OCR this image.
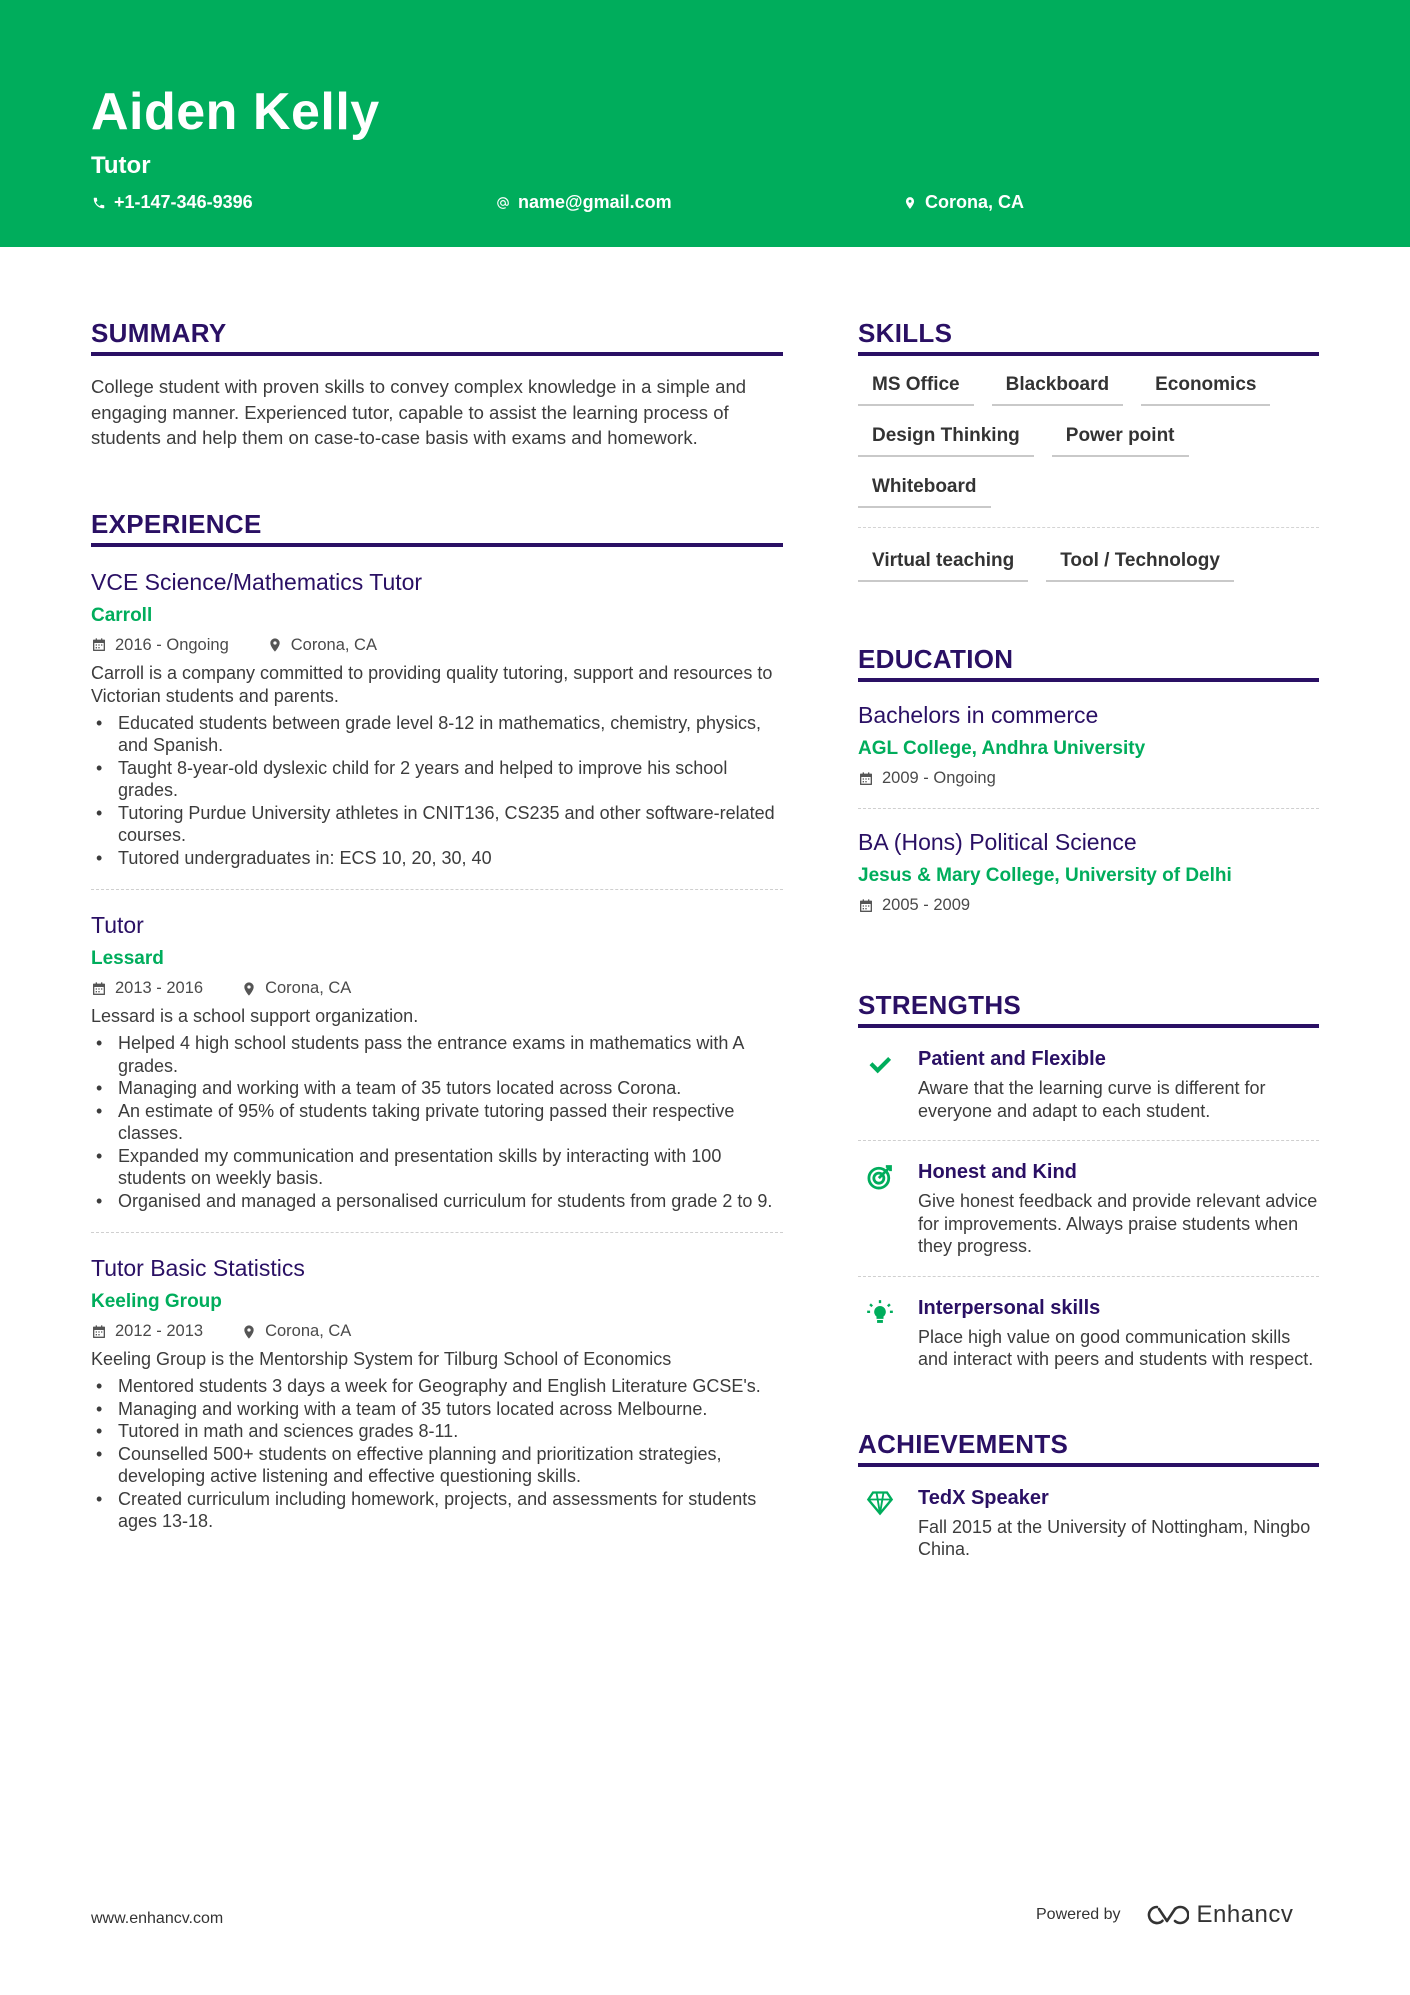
Aiden Kelly
Tutor
+1-147-346-9396	name@gmail.com	Corona, CA
SUMMARY
College student with proven skills to convey complex knowledge in a simple and engaging manner. Experienced tutor, capable to assist the learning process of students and help them on case-to-case basis with exams and homework.
EXPERIENCE
VCE Science/Mathematics Tutor
Carroll
2016 - Ongoing	Corona, CA
Carroll is a company committed to providing quality tutoring, support and resources to Victorian students and parents.
• Educated students between grade level 8-12 in mathematics, chemistry, physics, and Spanish.
• Taught 8-year-old dyslexic child for 2 years and helped to improve his school grades.
• Tutoring Purdue University athletes in CNIT136, CS235 and other software-related courses.
• Tutored undergraduates in: ECS 10, 20, 30, 40
Tutor
Lessard
2013 - 2016	Corona, CA
Lessard is a school support organization.
• Helped 4 high school students pass the entrance exams in mathematics with A grades.
• Managing and working with a team of 35 tutors located across Corona.
• An estimate of 95% of students taking private tutoring passed their respective classes.
• Expanded my communication and presentation skills by interacting with 100 students on weekly basis.
• Organised and managed a personalised curriculum for students from grade 2 to 9.
Tutor Basic Statistics
Keeling Group
2012 - 2013	Corona, CA
Keeling Group is the Mentorship System for Tilburg School of Economics
• Mentored students 3 days a week for Geography and English Literature GCSE's.
• Managing and working with a team of 35 tutors located across Melbourne.
• Tutored in math and sciences grades 8-11.
• Counselled 500+ students on effective planning and prioritization strategies, developing active listening and effective questioning skills.
• Created curriculum including homework, projects, and assessments for students ages 13-18.
SKILLS
MS Office	Blackboard	Economics
Design Thinking	Power point
Whiteboard
Virtual teaching	Tool / Technology
EDUCATION
Bachelors in commerce
AGL College, Andhra University
2009 - Ongoing
BA (Hons) Political Science
Jesus & Mary College, University of Delhi
2005 - 2009
STRENGTHS
Patient and Flexible
Aware that the learning curve is different for everyone and adapt to each student.
Honest and Kind
Give honest feedback and provide relevant advice for improvements. Always praise students when they progress.
Interpersonal skills
Place high value on good communication skills and interact with peers and students with respect.
ACHIEVEMENTS
TedX Speaker
Fall 2015 at the University of Nottingham, Ningbo China.
www.enhancv.com	Powered by	Enhancv
